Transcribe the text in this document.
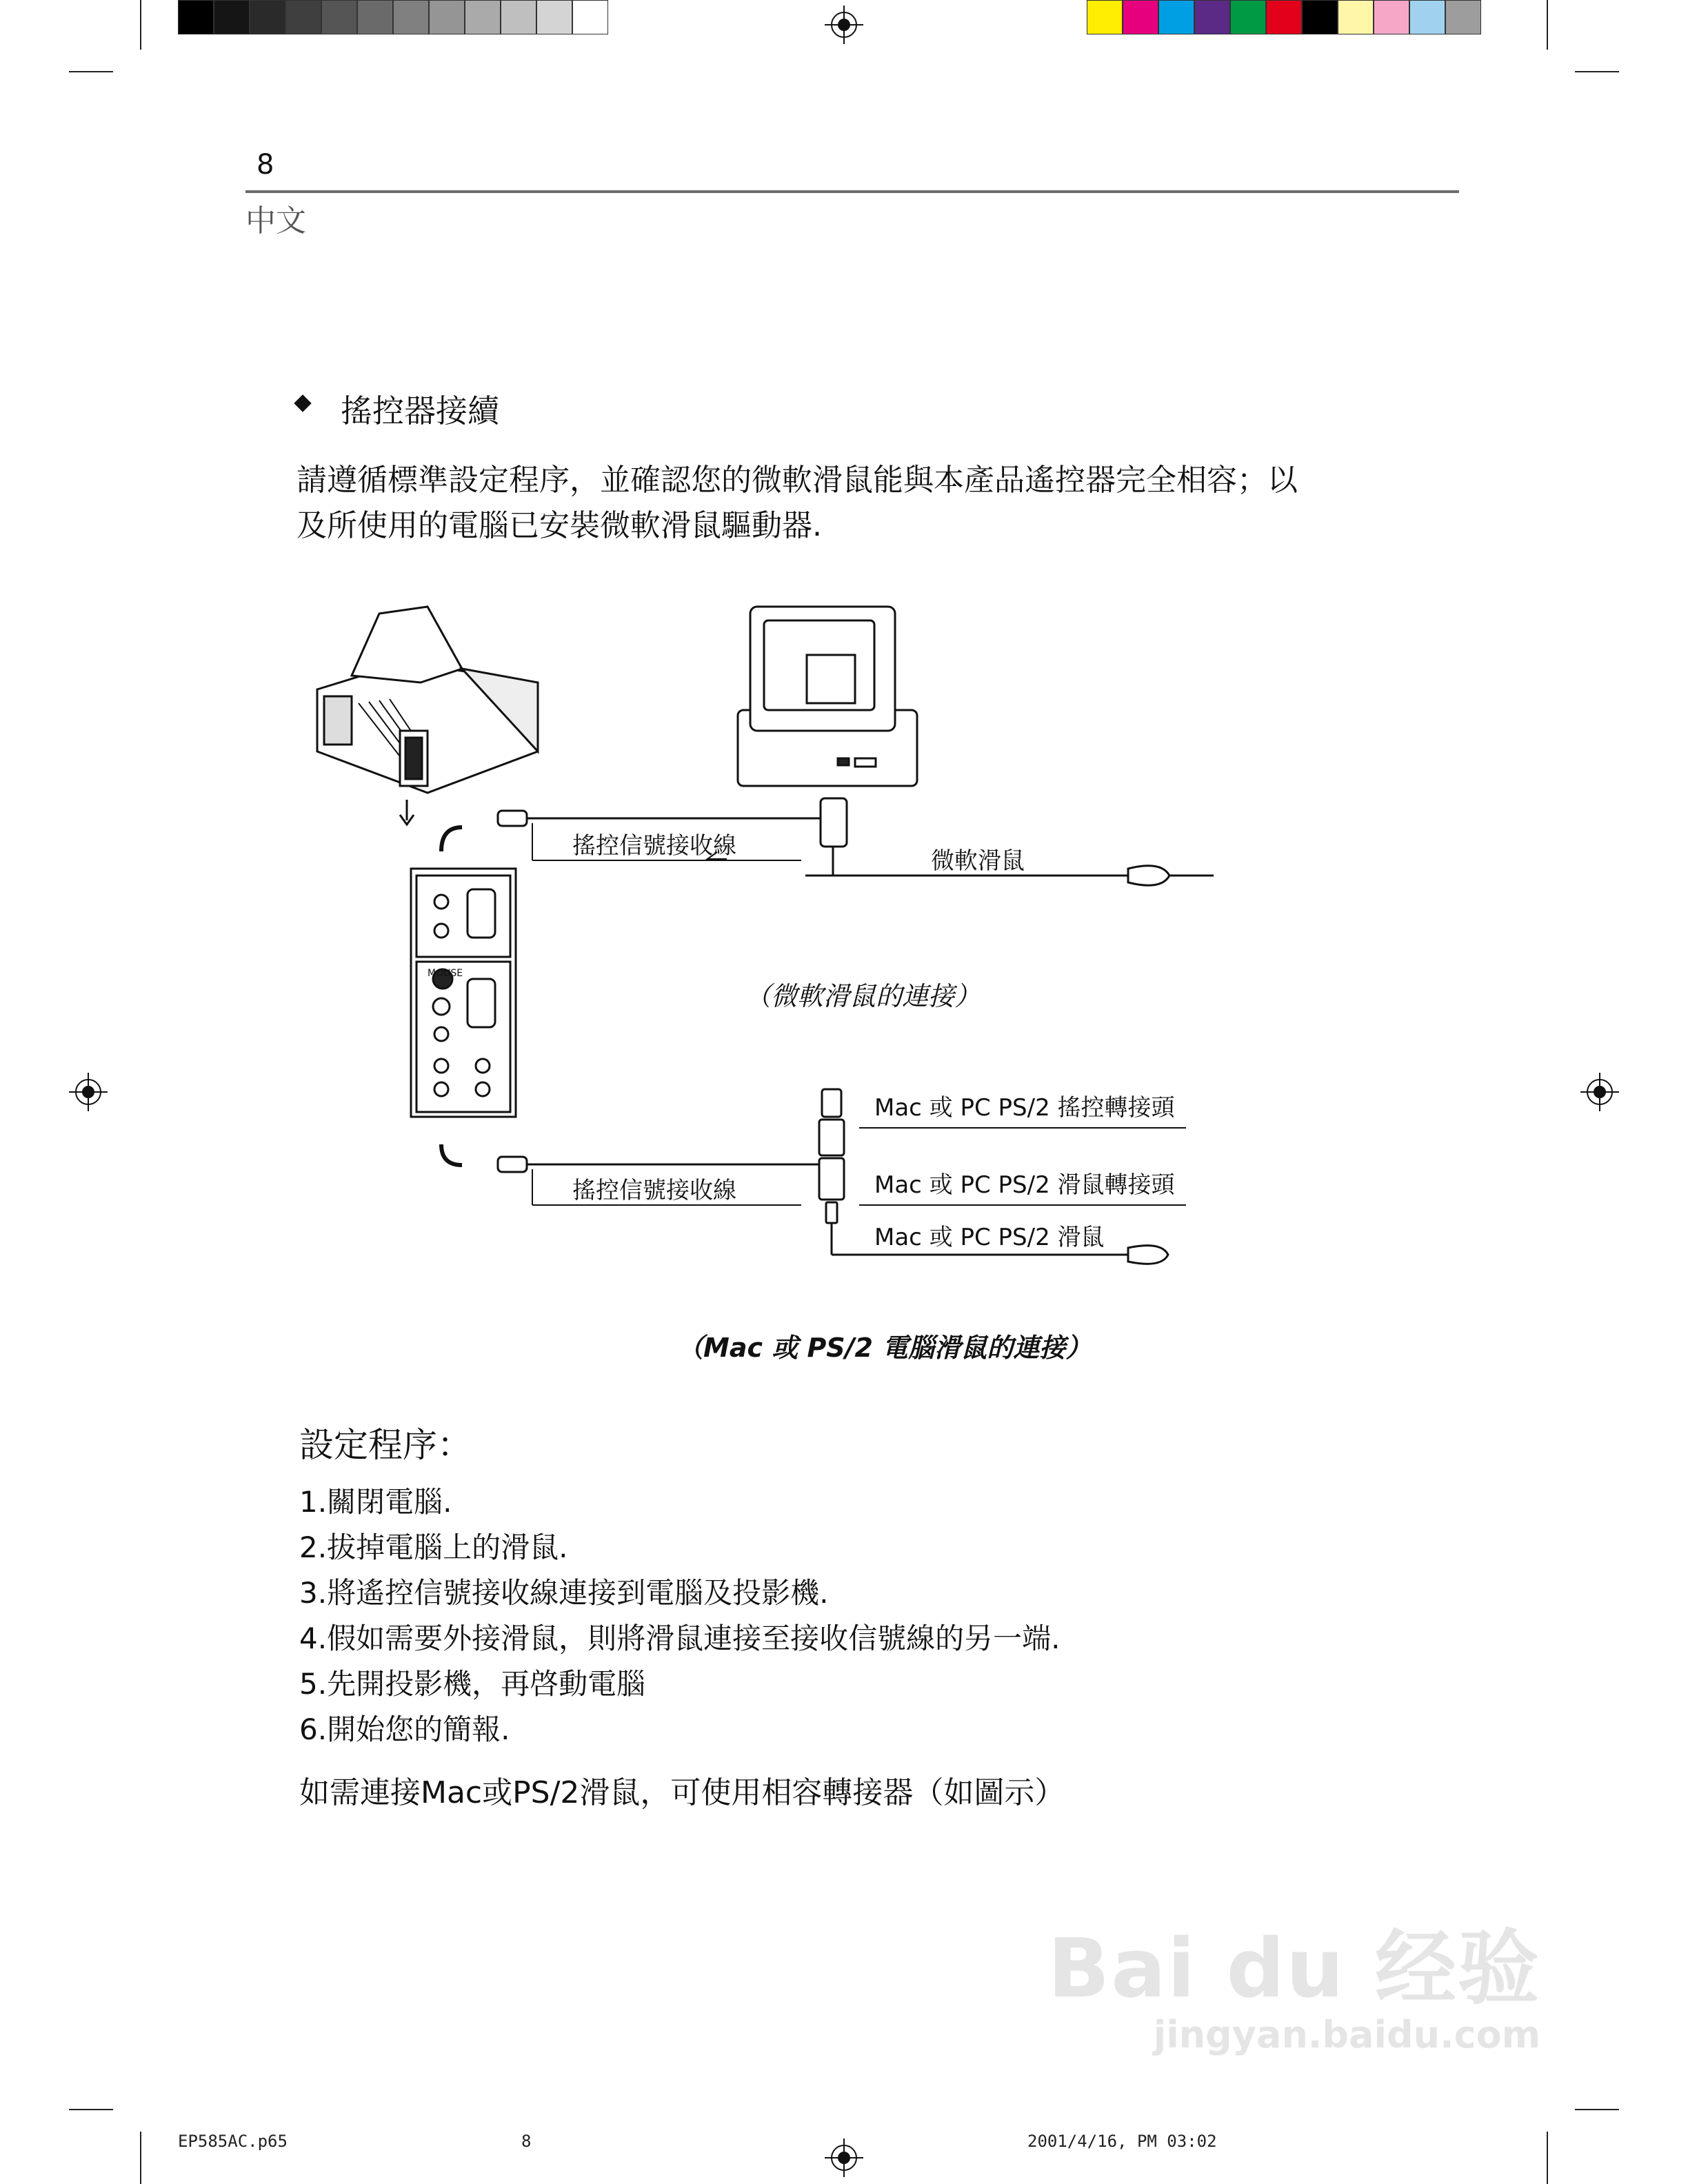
8
中文
搖控器接續
請遵循標準設定程序，並確認您的微軟滑鼠能與本產品遙控器完全相容；以
及所使用的電腦已安裝微軟滑鼠驅動器.
搖控信號接收線
微軟滑鼠
Mac 或 PC PS/2 搖控轉接頭
Mac 或 PC PS/2 滑鼠轉接頭
搖控信號接收線
Mac 或 PC PS/2 滑鼠
MOUSE
（微軟滑鼠的連接）
（Mac 或 PS/2 電腦滑鼠的連接）
設定程序：
1.關閉電腦.
2.拔掉電腦上的滑鼠.
3.將遙控信號接收線連接到電腦及投影機.
4.假如需要外接滑鼠，則將滑鼠連接至接收信號線的另一端.
5.先開投影機，再啓動電腦
6.開始您的簡報.
如需連接Mac或PS/2滑鼠，可使用相容轉接器（如圖示）
Bai du 经验
jingyan.baidu.com
EP585AC.p65	8	2001/4/16, PM 03:02
